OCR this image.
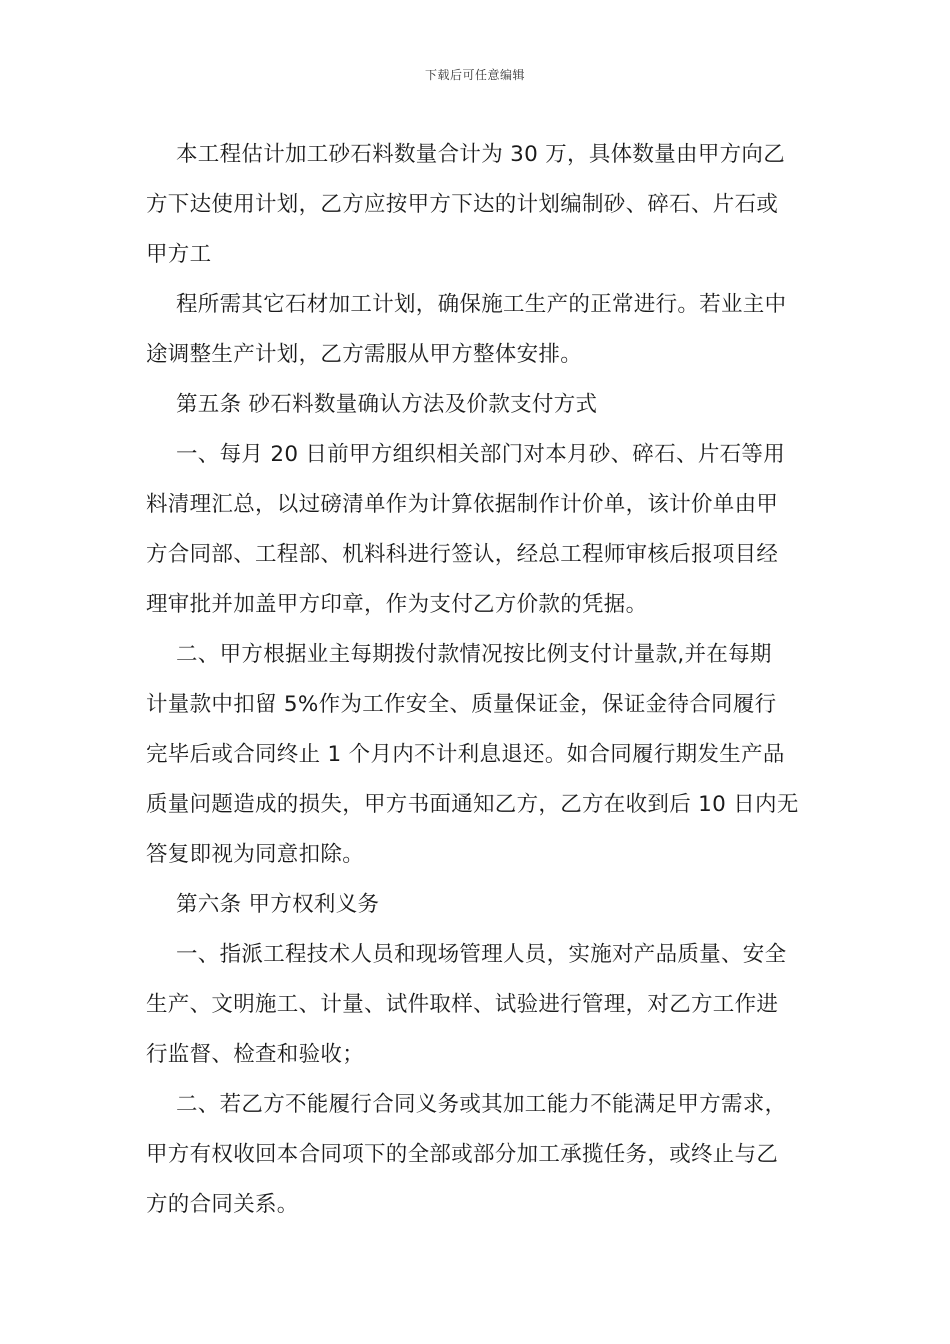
下载后可任意编辑
本工程估计加工砂石料数量合计为 30 万，具体数量由甲方向乙
方下达使用计划，乙方应按甲方下达的计划编制砂、碎石、片石或
甲方工
程所需其它石材加工计划，确保施工生产的正常进行。若业主中
途调整生产计划，乙方需服从甲方整体安排。
第五条 砂石料数量确认方法及价款支付方式
一、每月 20 日前甲方组织相关部门对本月砂、碎石、片石等用
料清理汇总，以过磅清单作为计算依据制作计价单，该计价单由甲
方合同部、工程部、机料科进行签认，经总工程师审核后报项目经
理审批并加盖甲方印章，作为支付乙方价款的凭据。
二、甲方根据业主每期拨付款情况按比例支付计量款,并在每期
计量款中扣留 5%作为工作安全、质量保证金，保证金待合同履行
完毕后或合同终止 1 个月内不计利息退还。如合同履行期发生产品
质量问题造成的损失，甲方书面通知乙方，乙方在收到后 10 日内无
答复即视为同意扣除。
第六条 甲方权利义务
一、指派工程技术人员和现场管理人员，实施对产品质量、安全
生产、文明施工、计量、试件取样、试验进行管理，对乙方工作进
行监督、检查和验收；
二、若乙方不能履行合同义务或其加工能力不能满足甲方需求，
甲方有权收回本合同项下的全部或部分加工承揽任务，或终止与乙
方的合同关系。
